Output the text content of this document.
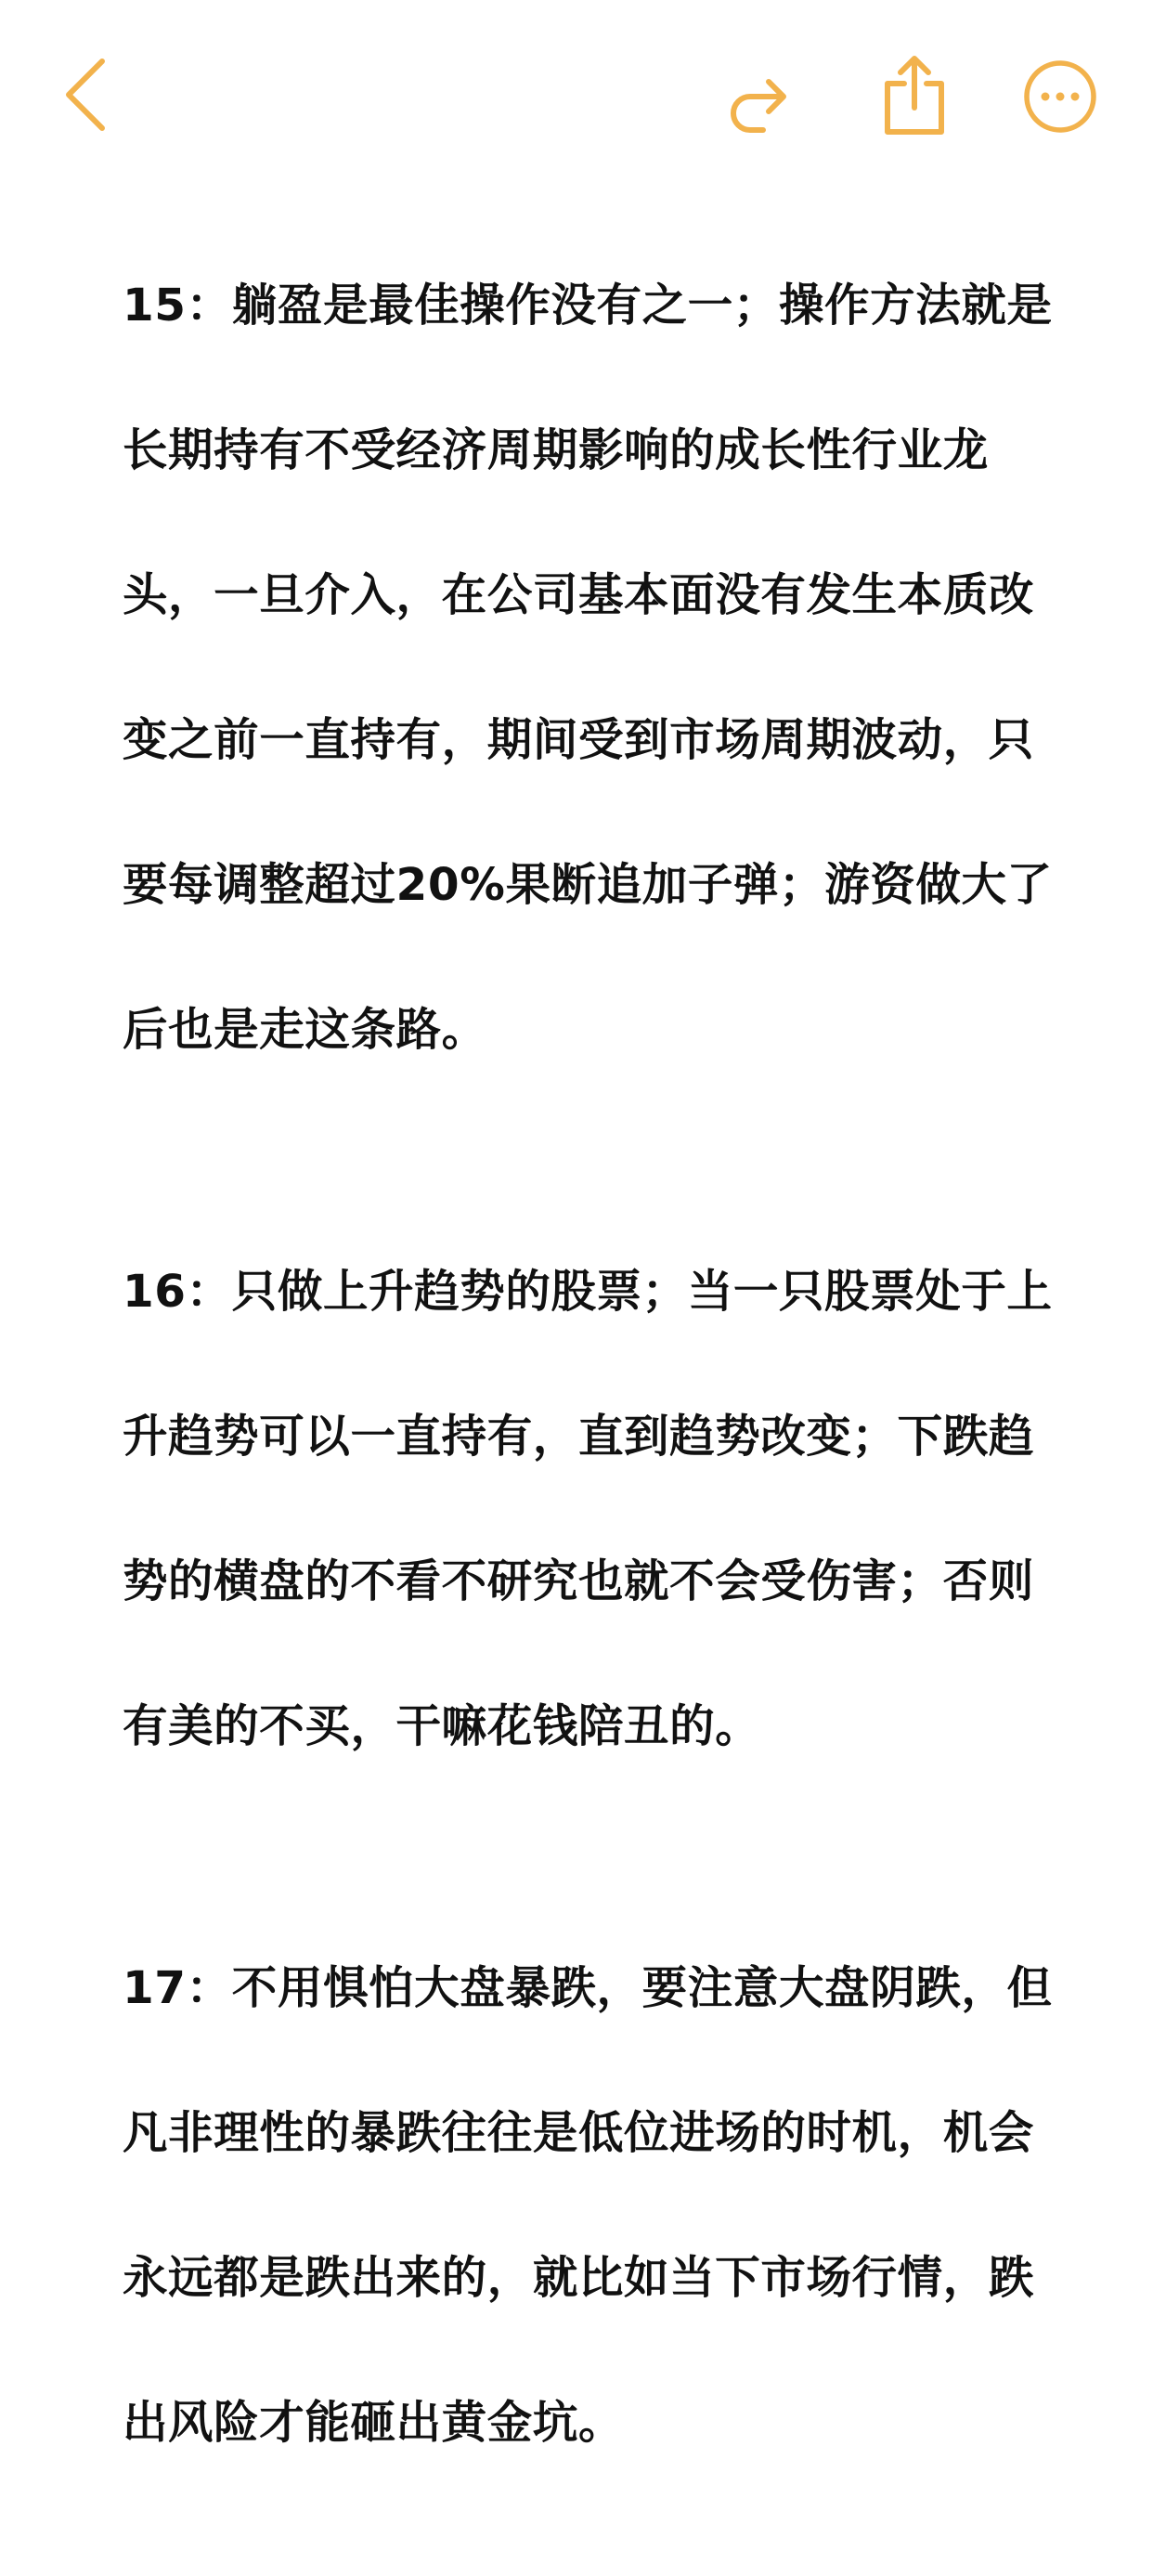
15：躺盈是最佳操作没有之一；操作方法就是

长期持有不受经济周期影响的成长性行业龙

头，一旦介入，在公司基本面没有发生本质改

变之前一直持有，期间受到市场周期波动，只

要每调整超过20%果断追加子弹；游资做大了

后也是走这条路。

16：只做上升趋势的股票；当一只股票处于上

升趋势可以一直持有，直到趋势改变；下跌趋

势的横盘的不看不研究也就不会受伤害；否则

有美的不买，干嘛花钱陪丑的。

17：不用惧怕大盘暴跌，要注意大盘阴跌，但

凡非理性的暴跌往往是低位进场的时机，机会

永远都是跌出来的，就比如当下市场行情，跌

出风险才能砸出黄金坑。
